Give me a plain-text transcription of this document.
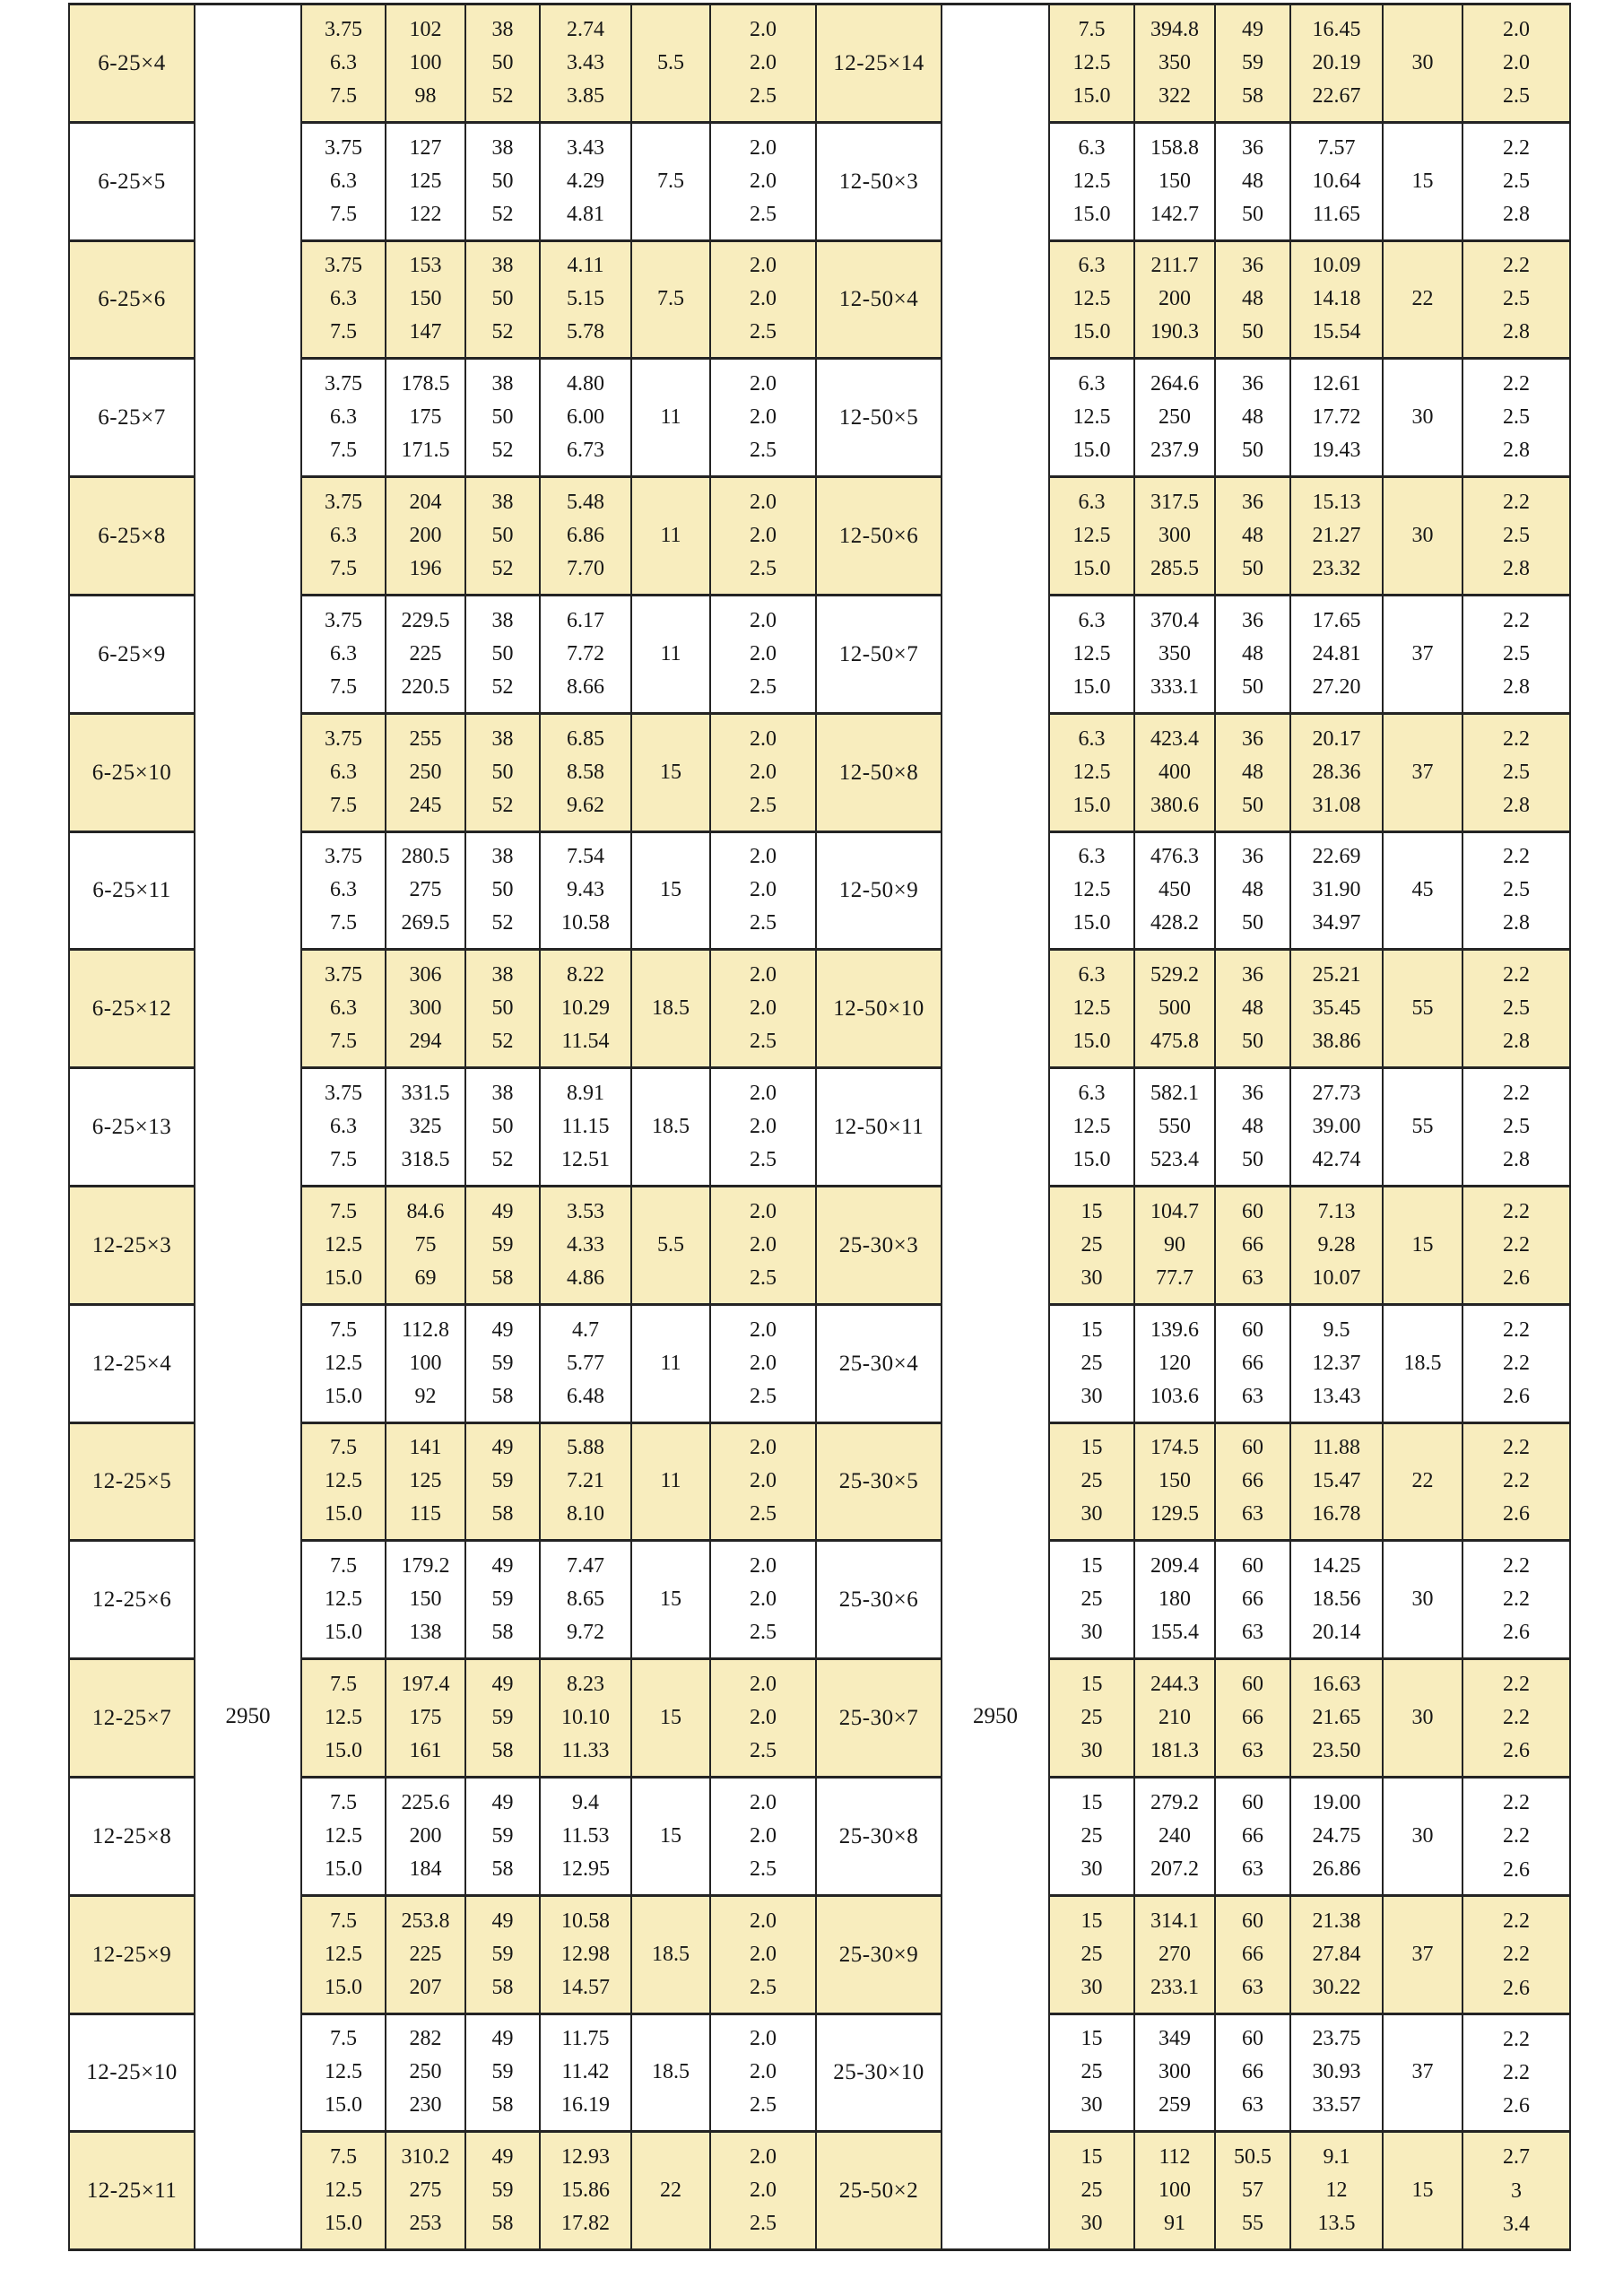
2950	2950
6-25×4
3.75
6.3
7.5
102
100
98
38
50
52
2.74
3.43
3.85
5.5
2.0
2.0
2.5
6-25×5
3.75
6.3
7.5
127
125
122
38
50
52
3.43
4.29
4.81
7.5
2.0
2.0
2.5
6-25×6
3.75
6.3
7.5
153
150
147
38
50
52
4.11
5.15
5.78
7.5
2.0
2.0
2.5
6-25×7
3.75
6.3
7.5
178.5
175
171.5
38
50
52
4.80
6.00
6.73
11
2.0
2.0
2.5
6-25×8
3.75
6.3
7.5
204
200
196
38
50
52
5.48
6.86
7.70
11
2.0
2.0
2.5
6-25×9
3.75
6.3
7.5
229.5
225
220.5
38
50
52
6.17
7.72
8.66
11
2.0
2.0
2.5
6-25×10
3.75
6.3
7.5
255
250
245
38
50
52
6.85
8.58
9.62
15
2.0
2.0
2.5
6-25×11
3.75
6.3
7.5
280.5
275
269.5
38
50
52
7.54
9.43
10.58
15
2.0
2.0
2.5
6-25×12
3.75
6.3
7.5
306
300
294
38
50
52
8.22
10.29
11.54
18.5
2.0
2.0
2.5
6-25×13
3.75
6.3
7.5
331.5
325
318.5
38
50
52
8.91
11.15
12.51
18.5
2.0
2.0
2.5
12-25×3
7.5
12.5
15.0
84.6
75
69
49
59
58
3.53
4.33
4.86
5.5
2.0
2.0
2.5
12-25×4
7.5
12.5
15.0
112.8
100
92
49
59
58
4.7
5.77
6.48
11
2.0
2.0
2.5
12-25×5
7.5
12.5
15.0
141
125
115
49
59
58
5.88
7.21
8.10
11
2.0
2.0
2.5
12-25×6
7.5
12.5
15.0
179.2
150
138
49
59
58
7.47
8.65
9.72
15
2.0
2.0
2.5
12-25×7
7.5
12.5
15.0
197.4
175
161
49
59
58
8.23
10.10
11.33
15
2.0
2.0
2.5
12-25×8
7.5
12.5
15.0
225.6
200
184
49
59
58
9.4
11.53
12.95
15
2.0
2.0
2.5
12-25×9
7.5
12.5
15.0
253.8
225
207
49
59
58
10.58
12.98
14.57
18.5
2.0
2.0
2.5
12-25×10
7.5
12.5
15.0
282
250
230
49
59
58
11.75
11.42
16.19
18.5
2.0
2.0
2.5
12-25×11
7.5
12.5
15.0
310.2
275
253
49
59
58
12.93
15.86
17.82
22
2.0
2.0
2.5
12-25×14
7.5
12.5
15.0
394.8
350
322
49
59
58
16.45
20.19
22.67
30
2.0
2.0
2.5
12-50×3
6.3
12.5
15.0
158.8
150
142.7
36
48
50
7.57
10.64
11.65
15
2.2
2.5
2.8
12-50×4
6.3
12.5
15.0
211.7
200
190.3
36
48
50
10.09
14.18
15.54
22
2.2
2.5
2.8
12-50×5
6.3
12.5
15.0
264.6
250
237.9
36
48
50
12.61
17.72
19.43
30
2.2
2.5
2.8
12-50×6
6.3
12.5
15.0
317.5
300
285.5
36
48
50
15.13
21.27
23.32
30
2.2
2.5
2.8
12-50×7
6.3
12.5
15.0
370.4
350
333.1
36
48
50
17.65
24.81
27.20
37
2.2
2.5
2.8
12-50×8
6.3
12.5
15.0
423.4
400
380.6
36
48
50
20.17
28.36
31.08
37
2.2
2.5
2.8
12-50×9
6.3
12.5
15.0
476.3
450
428.2
36
48
50
22.69
31.90
34.97
45
2.2
2.5
2.8
12-50×10
6.3
12.5
15.0
529.2
500
475.8
36
48
50
25.21
35.45
38.86
55
2.2
2.5
2.8
12-50×11
6.3
12.5
15.0
582.1
550
523.4
36
48
50
27.73
39.00
42.74
55
2.2
2.5
2.8
25-30×3
15
25
30
104.7
90
77.7
60
66
63
7.13
9.28
10.07
15
2.2
2.2
2.6
25-30×4
15
25
30
139.6
120
103.6
60
66
63
9.5
12.37
13.43
18.5
2.2
2.2
2.6
25-30×5
15
25
30
174.5
150
129.5
60
66
63
11.88
15.47
16.78
22
2.2
2.2
2.6
25-30×6
15
25
30
209.4
180
155.4
60
66
63
14.25
18.56
20.14
30
2.2
2.2
2.6
25-30×7
15
25
30
244.3
210
181.3
60
66
63
16.63
21.65
23.50
30
2.2
2.2
2.6
25-30×8
15
25
30
279.2
240
207.2
60
66
63
19.00
24.75
26.86
30
2.2
2.2
2.6
25-30×9
15
25
30
314.1
270
233.1
60
66
63
21.38
27.84
30.22
37
2.2
2.2
2.6
25-30×10
15
25
30
349
300
259
60
66
63
23.75
30.93
33.57
37
2.2
2.2
2.6
25-50×2
15
25
30
112
100
91
50.5
57
55
9.1
12
13.5
15
2.7
3
3.4
